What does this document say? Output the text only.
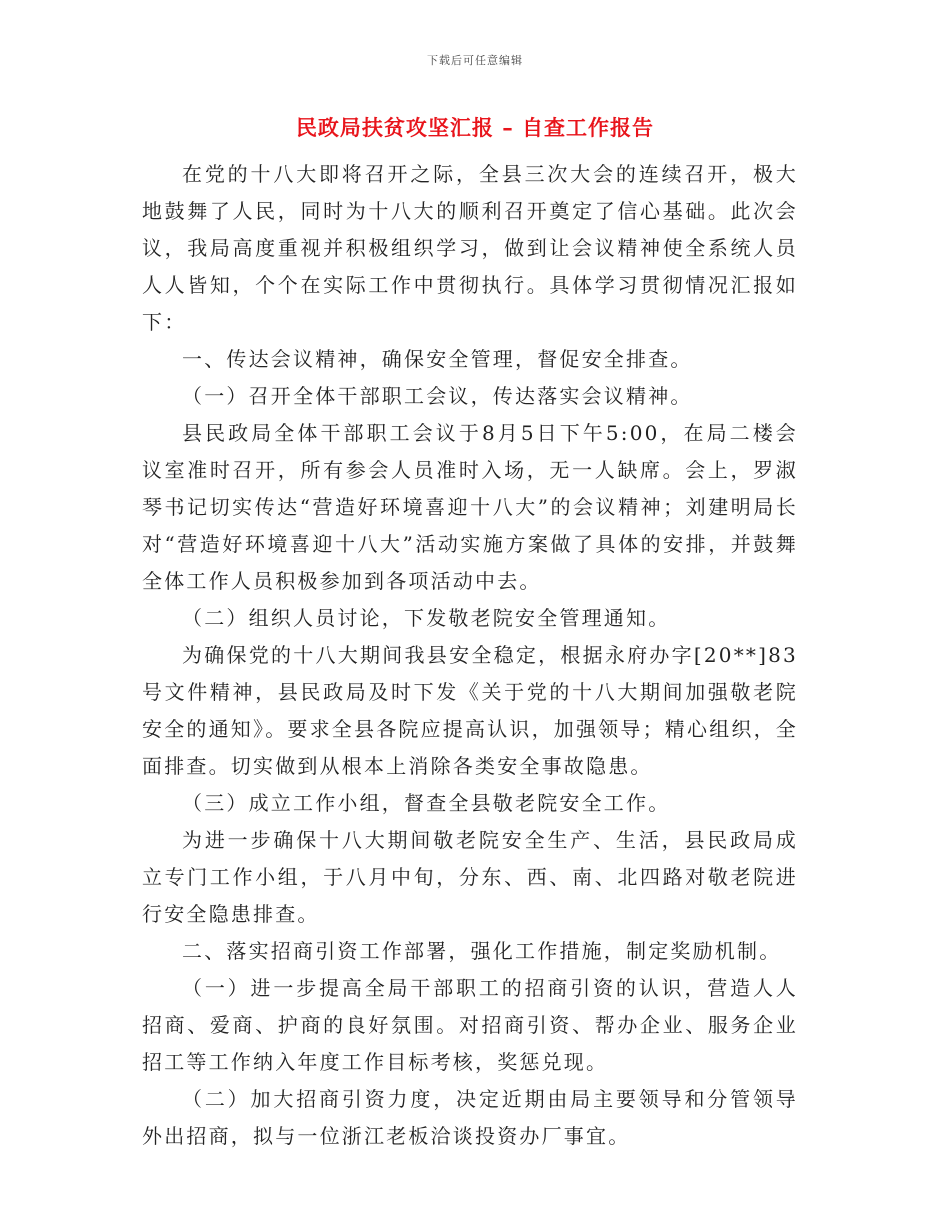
下载后可任意编辑
民政局扶贫攻坚汇报 – 自查工作报告

在党的十八大即将召开之际，全县三次大会的连续召开，极大地鼓舞了人民，同时为十八大的顺利召开奠定了信心基础。此次会议，我局高度重视并积极组织学习，做到让会议精神使全系统人员人人皆知，个个在实际工作中贯彻执行。具体学习贯彻情况汇报如下：

一、传达会议精神，确保安全管理，督促安全排查。

（一）召开全体干部职工会议，传达落实会议精神。

县民政局全体干部职工会议于8月5日下午5:00，在局二楼会议室准时召开，所有参会人员准时入场，无一人缺席。会上，罗淑琴书记切实传达“营造好环境喜迎十八大”的会议精神；刘建明局长对“营造好环境喜迎十八大”活动实施方案做了具体的安排，并鼓舞全体工作人员积极参加到各项活动中去。

（二）组织人员讨论，下发敬老院安全管理通知。

为确保党的十八大期间我县安全稳定，根据永府办字[20**]83号文件精神，县民政局及时下发《关于党的十八大期间加强敬老院安全的通知》。要求全县各院应提高认识，加强领导；精心组织，全面排查。切实做到从根本上消除各类安全事故隐患。

（三）成立工作小组，督查全县敬老院安全工作。

为进一步确保十八大期间敬老院安全生产、生活，县民政局成立专门工作小组，于八月中旬，分东、西、南、北四路对敬老院进行安全隐患排查。

二、落实招商引资工作部署，强化工作措施，制定奖励机制。

（一）进一步提高全局干部职工的招商引资的认识，营造人人招商、爱商、护商的良好氛围。对招商引资、帮办企业、服务企业招工等工作纳入年度工作目标考核，奖惩兑现。

（二）加大招商引资力度，决定近期由局主要领导和分管领导外出招商，拟与一位浙江老板洽谈投资办厂事宜。
